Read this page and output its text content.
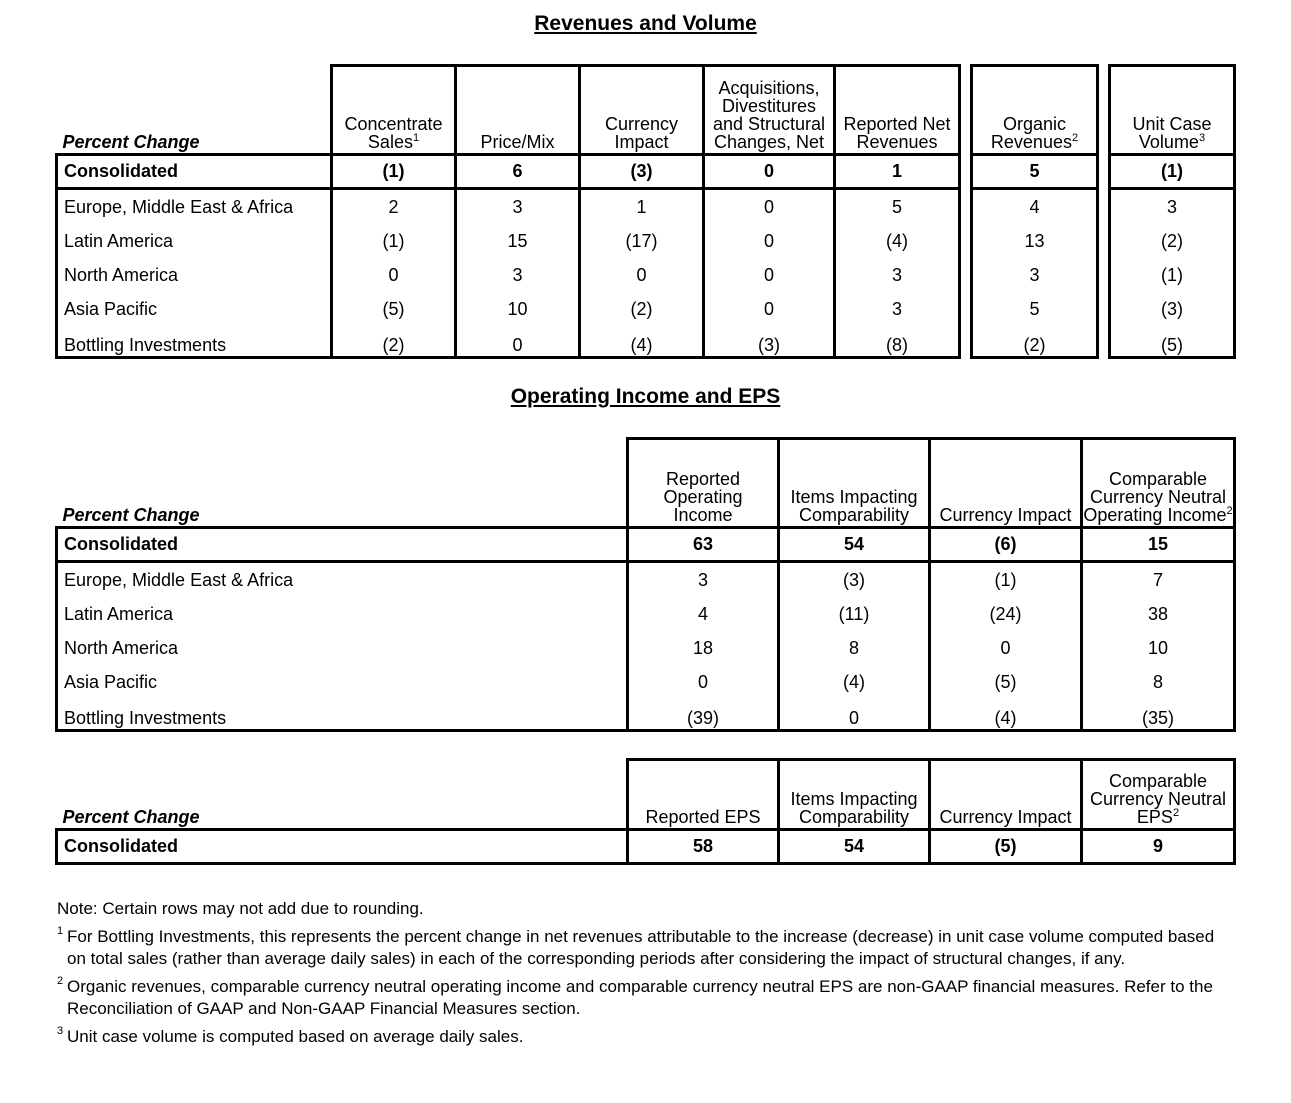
Revenues and Volume
Percent Change	Concentrate Sales$^1$	Price/Mix	Currency Impact	Acquisitions, Divestitures and Structural Changes, Net	Reported Net Revenues		Organic Revenues$^2$		Unit Case Volume$^3$
Consolidated	(1)	6	(3)	0	1		5		(1)
Europe, Middle East & Africa	2	3	1	0	5		4		3
Latin America	(1)	15	(17)	0	(4)		13		(2)
North America	0	3	0	0	3		3		(1)
Asia Pacific	(5)	10	(2)	0	3		5		(3)
Bottling Investments	(2)	0	(4)	(3)	(8)		(2)		(5)
Operating Income and EPS
Percent Change	Reported Operating Income	Items Impacting Comparability	Currency Impact	Comparable Currency Neutral Operating Income$^2$
Consolidated	63	54	(6)	15
Europe, Middle East & Africa	3	(3)	(1)	7
Latin America	4	(11)	(24)	38
North America	18	8	0	10
Asia Pacific	0	(4)	(5)	8
Bottling Investments	(39)	0	(4)	(35)
Percent Change	Reported EPS	Items Impacting Comparability	Currency Impact	Comparable Currency Neutral EPS$^2$
Consolidated	58	54	(5)	9
Note: Certain rows may not add due to rounding.
1 For Bottling Investments, this represents the percent change in net revenues attributable to the increase (decrease) in unit case volume computed based on total sales (rather than average daily sales) in each of the corresponding periods after considering the impact of structural changes, if any.
2 Organic revenues, comparable currency neutral operating income and comparable currency neutral EPS are non-GAAP financial measures. Refer to the Reconciliation of GAAP and Non-GAAP Financial Measures section.
3 Unit case volume is computed based on average daily sales.
